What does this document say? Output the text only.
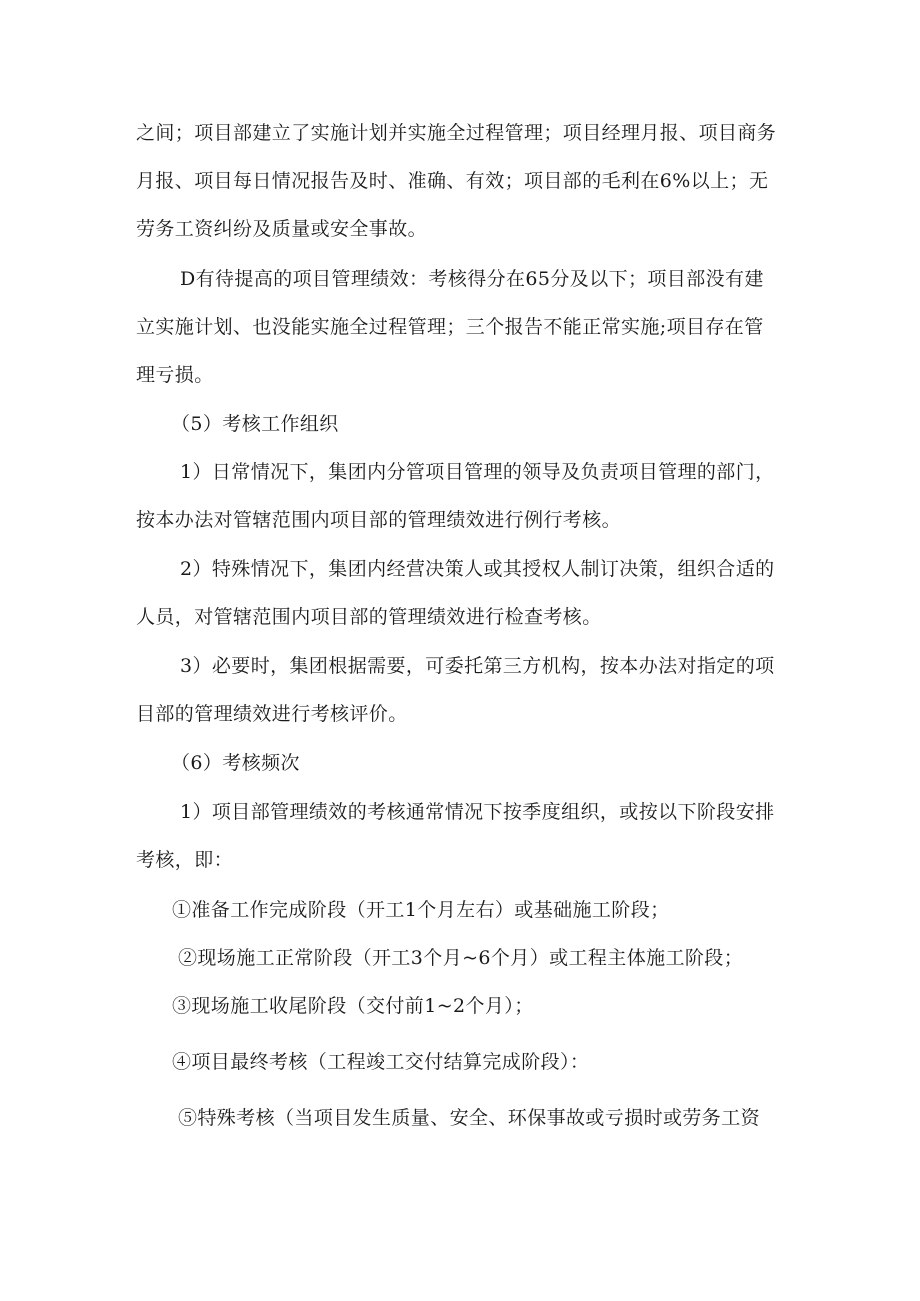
之间；项目部建立了实施计划并实施全过程管理；项目经理月报、项目商务
月报、项目每日情况报告及时、准确、有效；项目部的毛利在6%以上；无
劳务工资纠纷及质量或安全事故。
D有待提高的项目管理绩效：考核得分在65分及以下；项目部没有建
立实施计划、也没能实施全过程管理；三个报告不能正常实施;项目存在管
理亏损。
（5）考核工作组织
1）日常情况下，集团内分管项目管理的领导及负责项目管理的部门，
按本办法对管辖范围内项目部的管理绩效进行例行考核。
2）特殊情况下，集团内经营决策人或其授权人制订决策，组织合适的
人员，对管辖范围内项目部的管理绩效进行检查考核。
3）必要时，集团根据需要，可委托第三方机构，按本办法对指定的项
目部的管理绩效进行考核评价。
（6）考核频次
1）项目部管理绩效的考核通常情况下按季度组织，或按以下阶段安排
考核，即：
①准备工作完成阶段（开工1个月左右）或基础施工阶段；
②现场施工正常阶段（开工3个月~6个月）或工程主体施工阶段；
③现场施工收尾阶段（交付前1~2个月）；
④项目最终考核（工程竣工交付结算完成阶段）：
⑤特殊考核（当项目发生质量、安全、环保事故或亏损时或劳务工资
